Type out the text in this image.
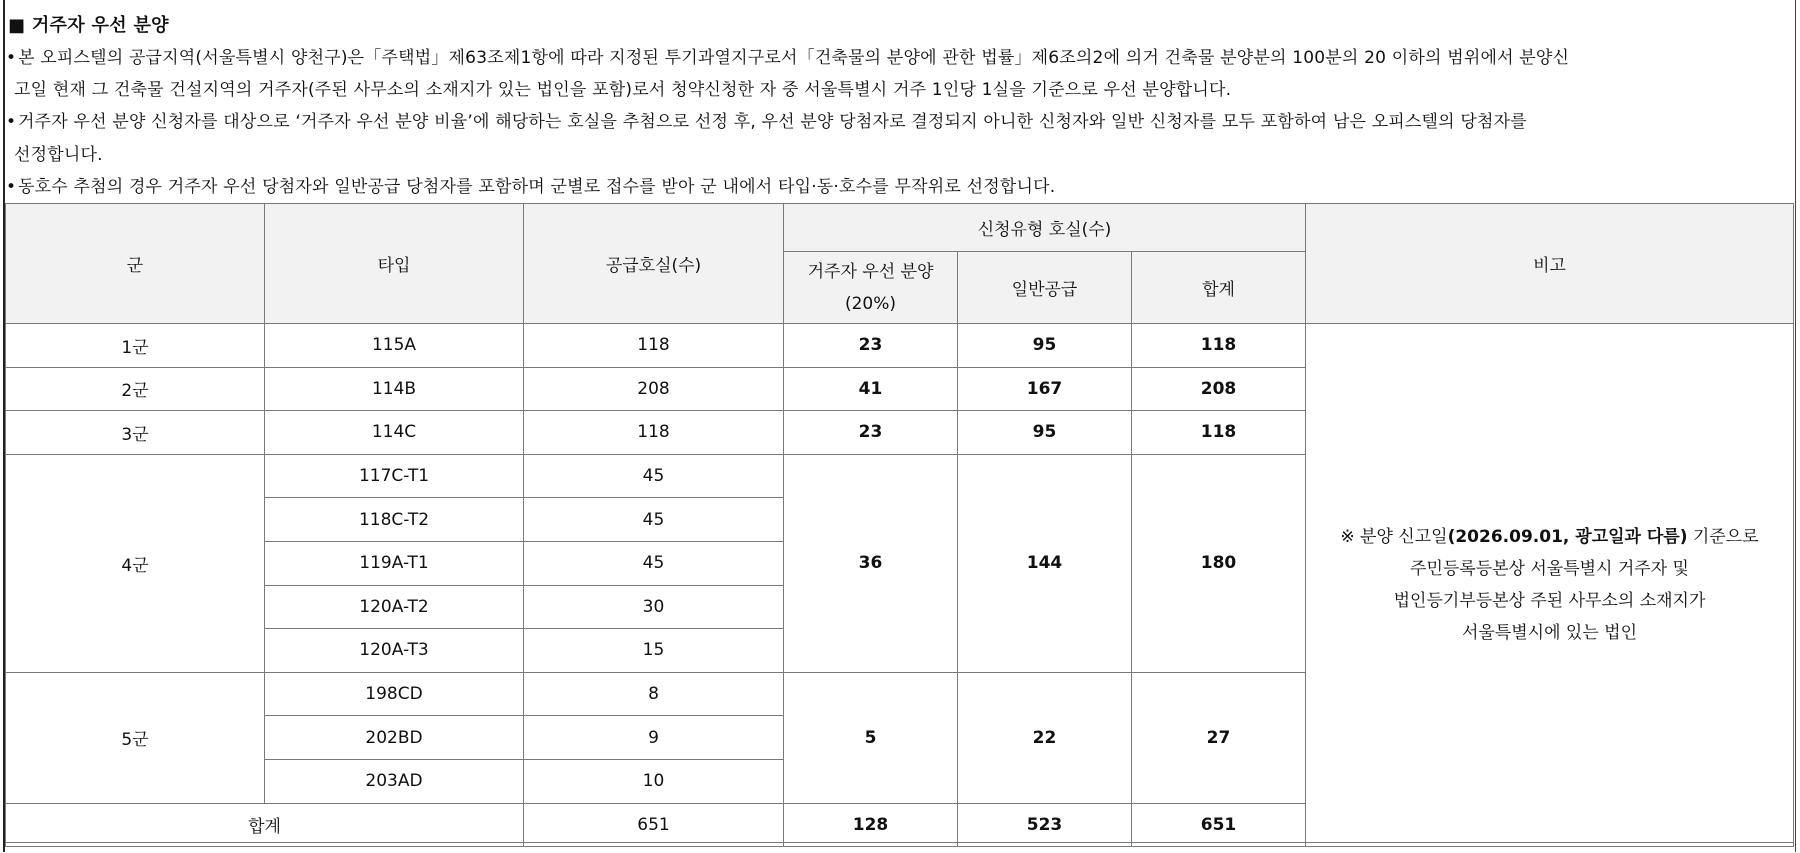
■ 거주자 우선 분양
• 본 오피스텔의 공급지역(서울특별시 양천구)은「주택법」제63조제1항에 따라 지정된 투기과열지구로서「건축물의 분양에 관한 법률」제6조의2에 의거 건축물 분양분의 100분의 20 이하의 범위에서 분양신
고일 현재 그 건축물 건설지역의 거주자(주된 사무소의 소재지가 있는 법인을 포함)로서 청약신청한 자 중 서울특별시 거주 1인당 1실을 기준으로 우선 분양합니다.
• 거주자 우선 분양 신청자를 대상으로 ‘거주자 우선 분양 비율’에 해당하는 호실을 추첨으로 선정 후, 우선 분양 당첨자로 결정되지 아니한 신청자와 일반 신청자를 모두 포함하여 남은 오피스텔의 당첨자를
선정합니다.
• 동호수 추첨의 경우 거주자 우선 당첨자와 일반공급 당첨자를 포함하며 군별로 접수를 받아 군 내에서 타입·동·호수를 무작위로 선정합니다.
군	타입	공급호실(수)	신청유형 호실(수)			비고
			거주자 우선 분양
(20%)	일반공급	합계	
1군	115A	118	23	95	118	※ 분양 신고일(2026.09.01, 광고일과 다름) 기준으로
주민등록등본상 서울특별시 거주자 및
법인등기부등본상 주된 사무소의 소재지가
서울특별시에 있는 법인
2군	114B	208	41	167	208	
3군	114C	118	23	95	118	
4군	117C-T1	45	36	144	180	
	118C-T2	45				
	119A-T1	45				
	120A-T2	30				
	120A-T3	15				
5군	198CD	8	5	22	27	
	202BD	9				
	203AD	10				
합계		651	128	523	651	
